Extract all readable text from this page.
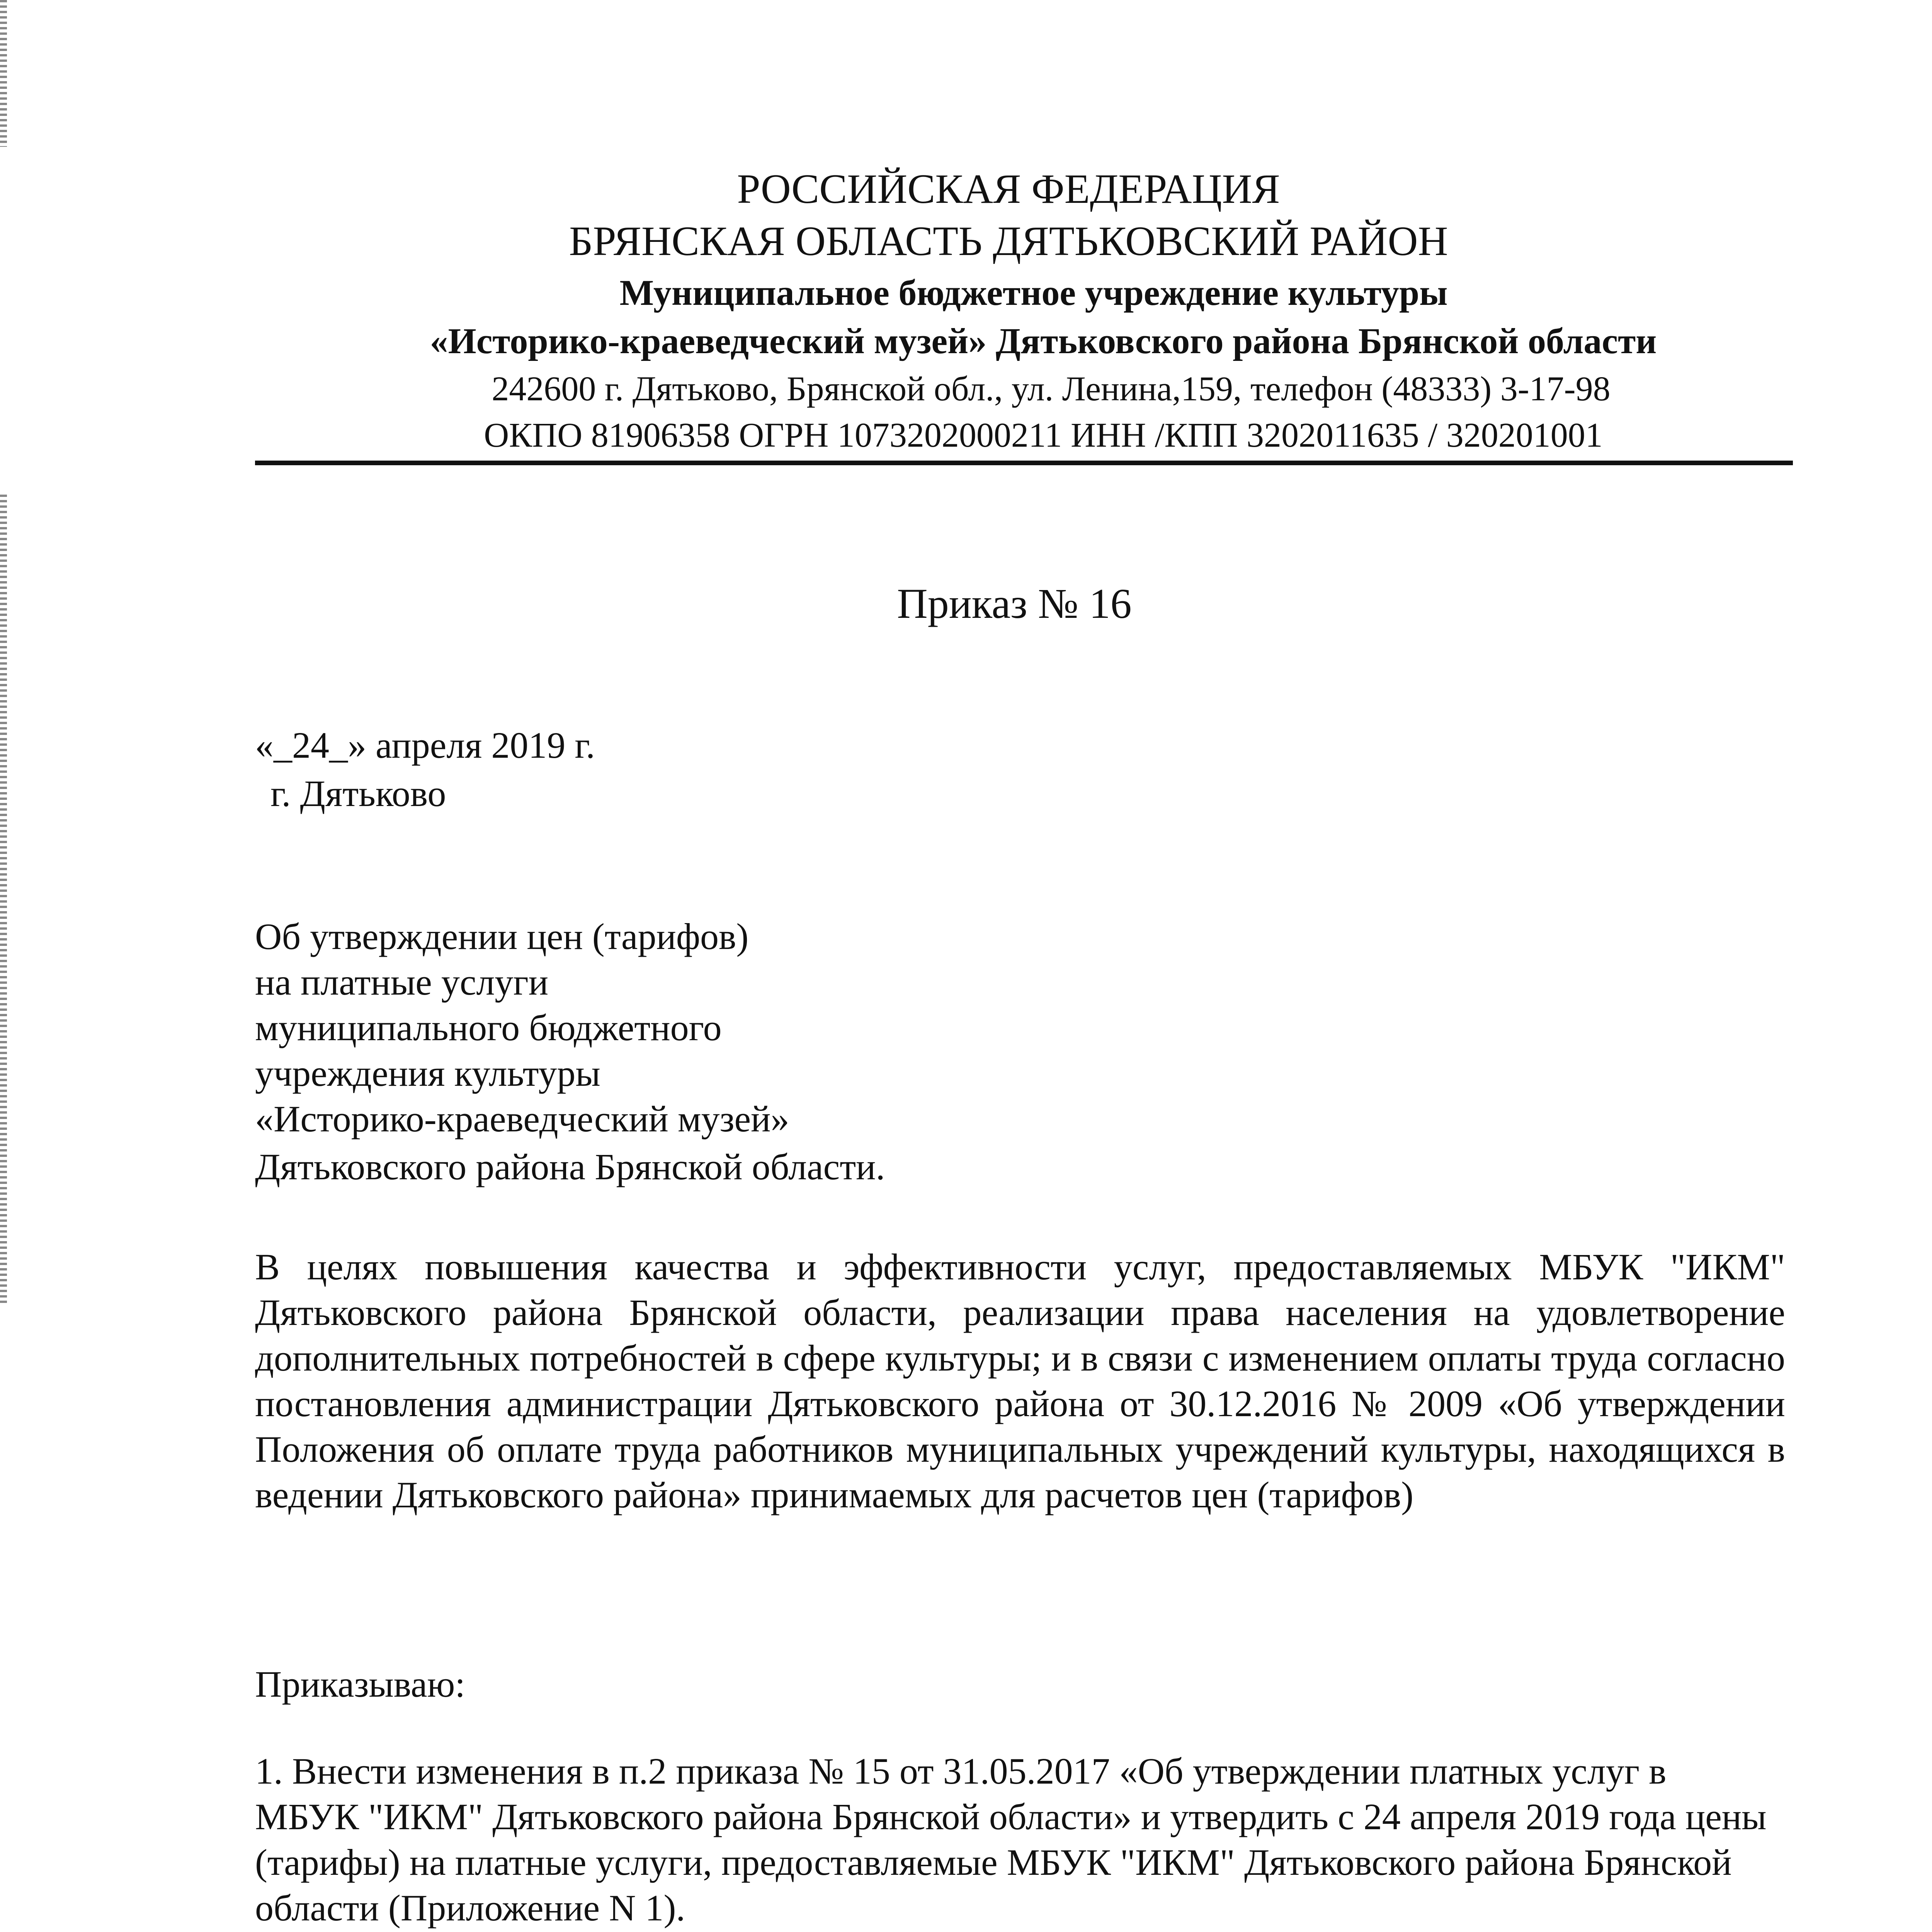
РОССИЙСКАЯ ФЕДЕРАЦИЯ
БРЯНСКАЯ ОБЛАСТЬ ДЯТЬКОВСКИЙ РАЙОН
Муниципальное бюджетное учреждение культуры
«Историко-краеведческий музей» Дятьковского района Брянской области
242600 г. Дятьково, Брянской обл., ул. Ленина,159, телефон (48333) 3-17-98
ОКПО 81906358 ОГРН 1073202000211 ИНН /КПП 3202011635 / 320201001
Приказ № 16
«_24_» апреля 2019 г.
г. Дятьково
Об утверждении цен (тарифов)
на платные услуги
муниципального бюджетного
учреждения культуры
«Историко-краеведческий музей»
Дятьковского района Брянской области.
В целях повышения качества и эффективности услуг, предоставляемых МБУК "ИКМ" Дятьковского района Брянской области, реализации права населения на удовлетворение дополнительных потребностей в сфере культуры; и в связи с изменением оплаты труда согласно постановления администрации Дятьковского района от 30.12.2016 № 2009 «Об утверждении Положения об оплате труда работников муниципальных учреждений культуры, находящихся в ведении Дятьковского района» принимаемых для расчетов цен (тарифов)
Приказываю:
1. Внести изменения в п.2 приказа № 15 от 31.05.2017 «Об утверждении платных услуг в МБУК "ИКМ" Дятьковского района Брянской области» и утвердить с 24 апреля 2019 года цены (тарифы) на платные услуги, предоставляемые МБУК "ИКМ" Дятьковского района Брянской области (Приложение N 1).
